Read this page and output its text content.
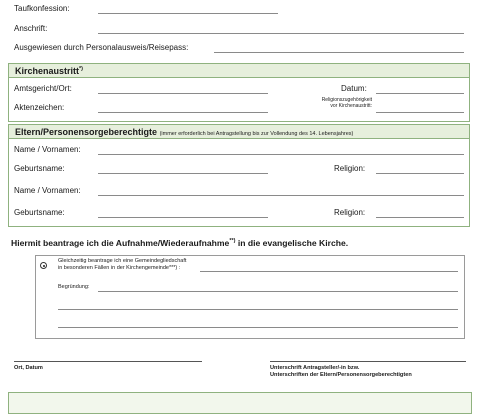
Taufkonfession:
Anschrift:
Ausgewiesen durch Personalausweis/Reisepass:
Kirchenaustritt*)
Amtsgericht/Ort:	Datum:
Aktenzeichen:
Religionszugehörigkeit
vor Kirchenaustritt:
Eltern/Personensorgeberechtigte (immer erforderlich bei Antragstellung bis zur Vollendung des 14. Lebensjahres)
Name / Vornamen:
Geburtsname:	Religion:
Name / Vornamen:
Geburtsname:	Religion:
Hiermit beantrage ich die Aufnahme/Wiederaufnahme**) in die evangelische Kirche.
Gleichzeitig beantrage ich eine Gemeindegliedschaft
in besonderen Fällen in der Kirchengemeinde***) :
Begründung:
Ort, Datum	Unterschrift Antragsteller/-in bzw.
Unterschriften der Eltern/Personensorgeberechtigten
